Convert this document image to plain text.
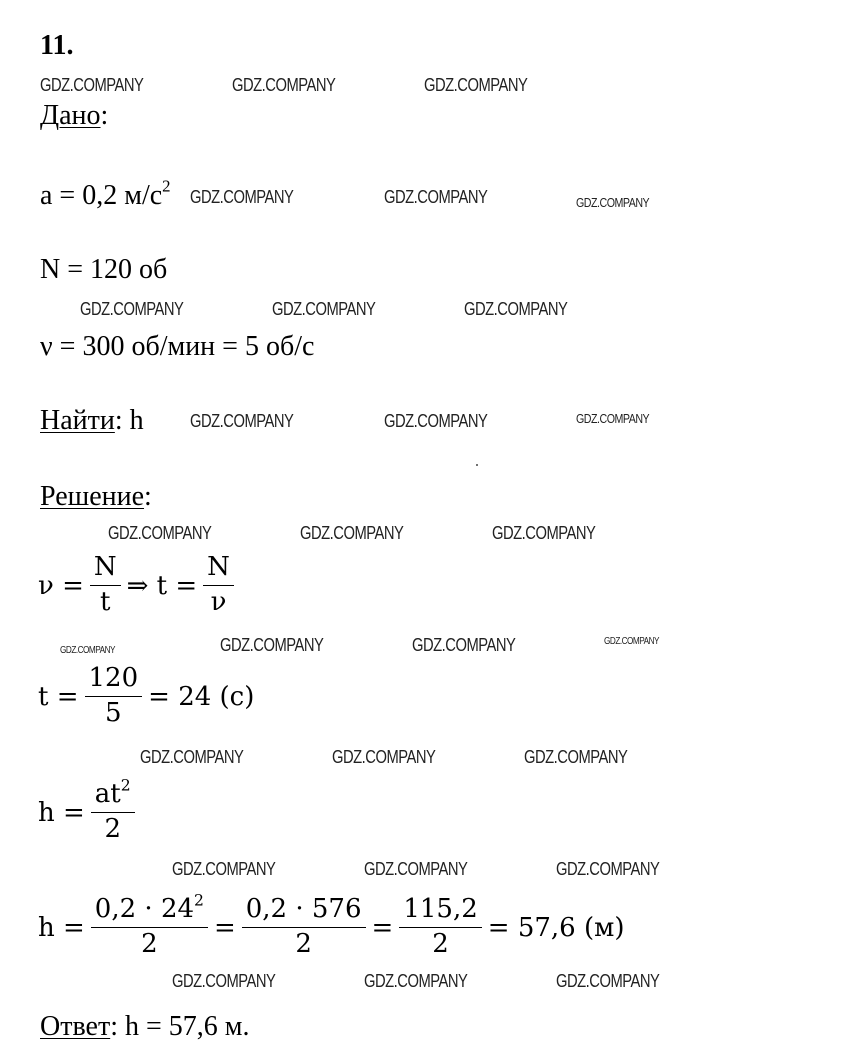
11.
GDZ.COMPANY	GDZ.COMPANY	GDZ.COMPANY
Дано:
a = 0,2 $м/с^2$
GDZ.COMPANY	GDZ.COMPANY	GDZ.COMPANY
N = 120 об
GDZ.COMPANY	GDZ.COMPANY	GDZ.COMPANY
ν = 300 об/мин = 5 об/с
Найти: h	GDZ.COMPANY	GDZ.COMPANY	GDZ.COMPANY
Решение:
GDZ.COMPANY	GDZ.COMPANY	GDZ.COMPANY
$\nu = \frac{N}{t}$ ⇒ $t = \frac{N}{\nu}$
GDZ.COMPANY	GDZ.COMPANY	GDZ.COMPANY	GDZ.COMPANY
$t = \frac{120}{5} = 24$ (с)
GDZ.COMPANY	GDZ.COMPANY	GDZ.COMPANY
$h = \frac{at^2}{2}$
GDZ.COMPANY	GDZ.COMPANY	GDZ.COMPANY
$h = \frac{0,2 \cdot 24^2}{2} = \frac{0,2 \cdot 576}{2} = \frac{115,2}{2} = 57,6$ (м)
GDZ.COMPANY	GDZ.COMPANY	GDZ.COMPANY
Ответ: h = 57,6 м.
